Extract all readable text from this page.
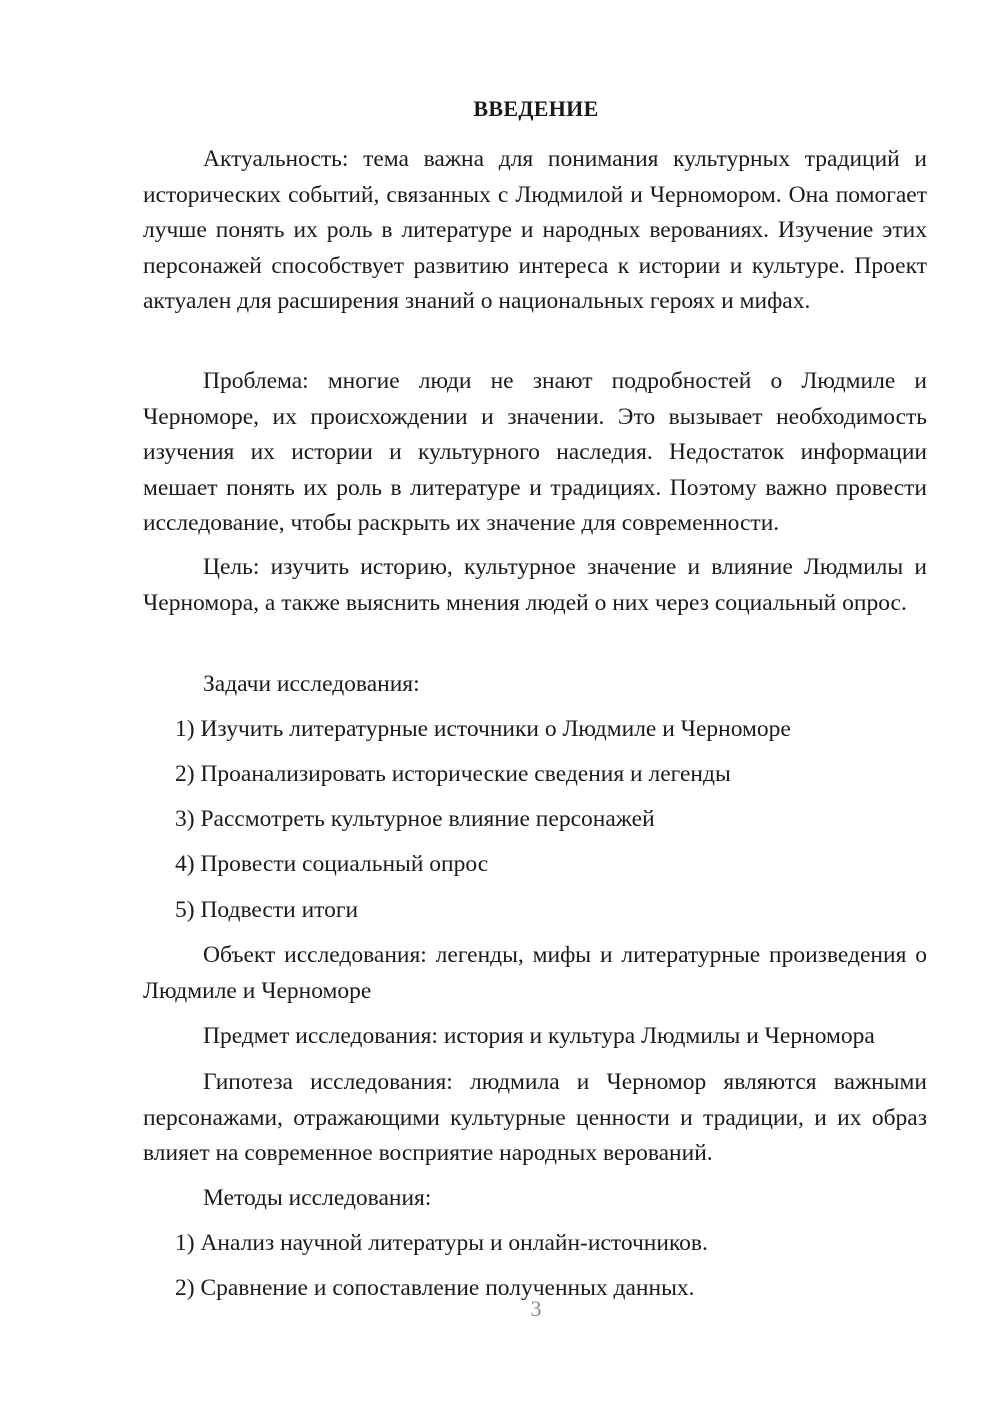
ВВЕДЕНИЕ

Актуальность: тема важна для понимания культурных традиций и исторических событий, связанных с Людмилой и Черномором. Она помогает лучше понять их роль в литературе и народных верованиях. Изучение этих персонажей способствует развитию интереса к истории и культуре. Проект актуален для расширения знаний о национальных героях и мифах.

Проблема: многие люди не знают подробностей о Людмиле и Черноморе, их происхождении и значении. Это вызывает необходимость изучения их истории и культурного наследия. Недостаток информации мешает понять их роль в литературе и традициях. Поэтому важно провести исследование, чтобы раскрыть их значение для современности.

Цель: изучить историю, культурное значение и влияние Людмилы и Черномора, а также выяснить мнения людей о них через социальный опрос.

Задачи исследования:

1) Изучить литературные источники о Людмиле и Черноморе

2) Проанализировать исторические сведения и легенды

3) Рассмотреть культурное влияние персонажей

4) Провести социальный опрос

5) Подвести итоги

Объект исследования: легенды, мифы и литературные произведения о Людмиле и Черноморе

Предмет исследования: история и культура Людмилы и Черномора

Гипотеза исследования: людмила и Черномор являются важными персонажами, отражающими культурные ценности и традиции, и их образ влияет на современное восприятие народных верований.

Методы исследования:

1) Анализ научной литературы и онлайн-источников.

2) Сравнение и сопоставление полученных данных.

3
